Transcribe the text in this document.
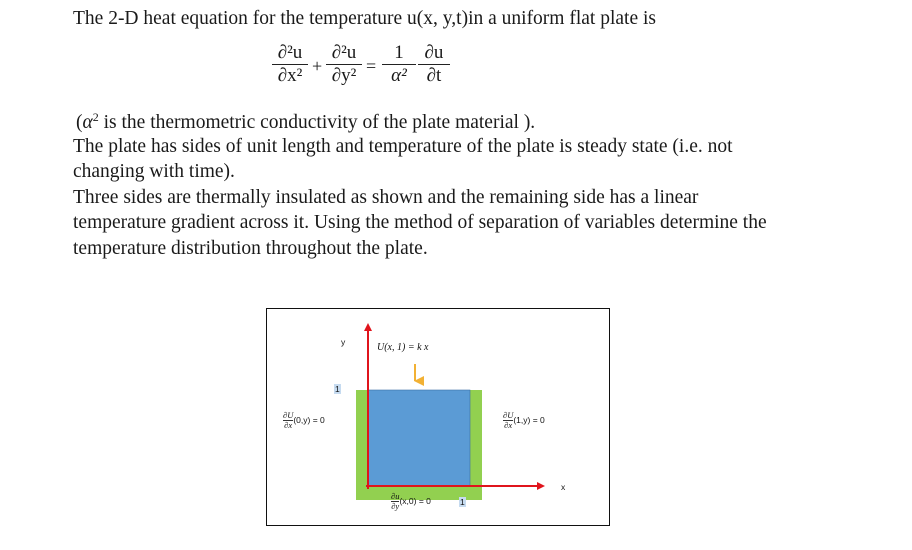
The 2-D heat equation for the temperature u(x, y,t)in a uniform flat plate is
$\frac{\text{∂²u}}{\text{∂x²}} + \frac{\text{∂²u}}{\text{∂y²}} = \frac{1}{\text{α²}} \frac{\partial u}{\partial t}$
($\alpha^2$ is the thermometric conductivity of the plate material ).
The plate has sides of unit length and temperature of the plate is steady state (i.e. not
changing with time).
Three sides are thermally insulated as shown and the remaining side has a linear
temperature gradient across it. Using the method of separation of variables determine the
temperature distribution throughout the plate.
y
x
U(x, 1) = k x
1
1
$\frac{\partial U}{\partial x} (0,y) = 0$	$\frac{\partial U}{\partial x} (1,y) = 0$
$\frac{\partial u}{\partial y} (x,0) = 0$
